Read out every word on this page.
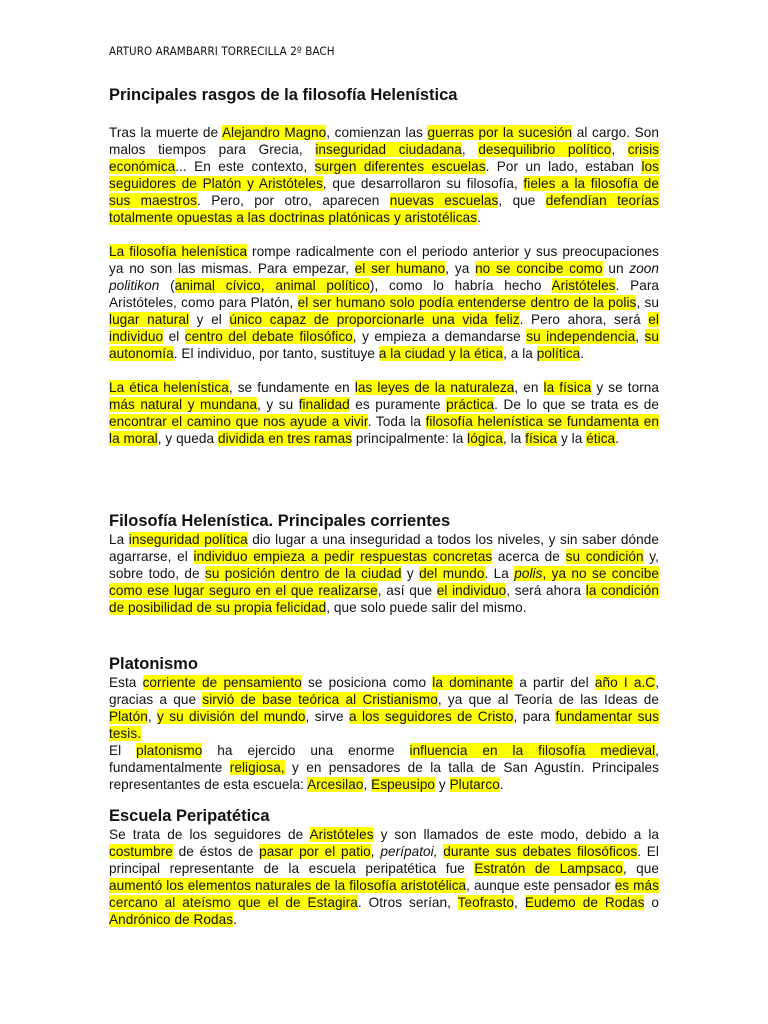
ARTURO ARAMBARRI TORRECILLA 2º BACH
Principales rasgos de la filosofía Helenística

Tras la muerte de Alejandro Magno, comienzan las guerras por la sucesión al cargo. Son malos tiempos para Grecia, inseguridad ciudadana, desequilibrio político, crisis económica... En este contexto, surgen diferentes escuelas. Por un lado, estaban los seguidores de Platón y Aristóteles, que desarrollaron su filosofía, fieles a la filosofía de sus maestros. Pero, por otro, aparecen nuevas escuelas, que defendían teorías totalmente opuestas a las doctrinas platónicas y aristotélicas.

La filosofía helenística rompe radicalmente con el periodo anterior y sus preocupaciones ya no son las mismas. Para empezar, el ser humano, ya no se concibe como un zoon politikon (animal cívico, animal político), como lo habría hecho Aristóteles. Para Aristóteles, como para Platón, el ser humano solo podía entenderse dentro de la polis, su lugar natural y el único capaz de proporcionarle una vida feliz. Pero ahora, será el individuo el centro del debate filosófico, y empieza a demandarse su independencia, su autonomía. El individuo, por tanto, sustituye a la ciudad y la ética, a la política.

La ética helenística, se fundamente en las leyes de la naturaleza, en la física y se torna más natural y mundana, y su finalidad es puramente práctica. De lo que se trata es de encontrar el camino que nos ayude a vivir. Toda la filosofía helenística se fundamenta en la moral, y queda dividida en tres ramas principalmente: la lógica, la física y la ética.

Filosofía Helenística. Principales corrientes

La inseguridad política dio lugar a una inseguridad a todos los niveles, y sin saber dónde agarrarse, el individuo empieza a pedir respuestas concretas acerca de su condición y, sobre todo, de su posición dentro de la ciudad y del mundo. La polis, ya no se concibe como ese lugar seguro en el que realizarse, así que el individuo, será ahora la condición de posibilidad de su propia felicidad, que solo puede salir del mismo.

Platonismo

Esta corriente de pensamiento se posiciona como la dominante a partir del año I a.C, gracias a que sirvió de base teórica al Cristianismo, ya que al Teoría de las Ideas de Platón, y su división del mundo, sirve a los seguidores de Cristo, para fundamentar sus tesis.

El platonismo ha ejercido una enorme influencia en la filosofía medieval, fundamentalmente religiosa, y en pensadores de la talla de San Agustín. Principales representantes de esta escuela: Arcesilao, Espeusipo y Plutarco.

Escuela Peripatética

Se trata de los seguidores de Aristóteles y son llamados de este modo, debido a la costumbre de éstos de pasar por el patio, perípatoi, durante sus debates filosóficos. El principal representante de la escuela peripatética fue Estratón de Lampsaco, que aumentó los elementos naturales de la filosofía aristotélica, aunque este pensador es más cercano al ateísmo que el de Estagira. Otros serían, Teofrasto, Eudemo de Rodas o Andrónico de Rodas.
